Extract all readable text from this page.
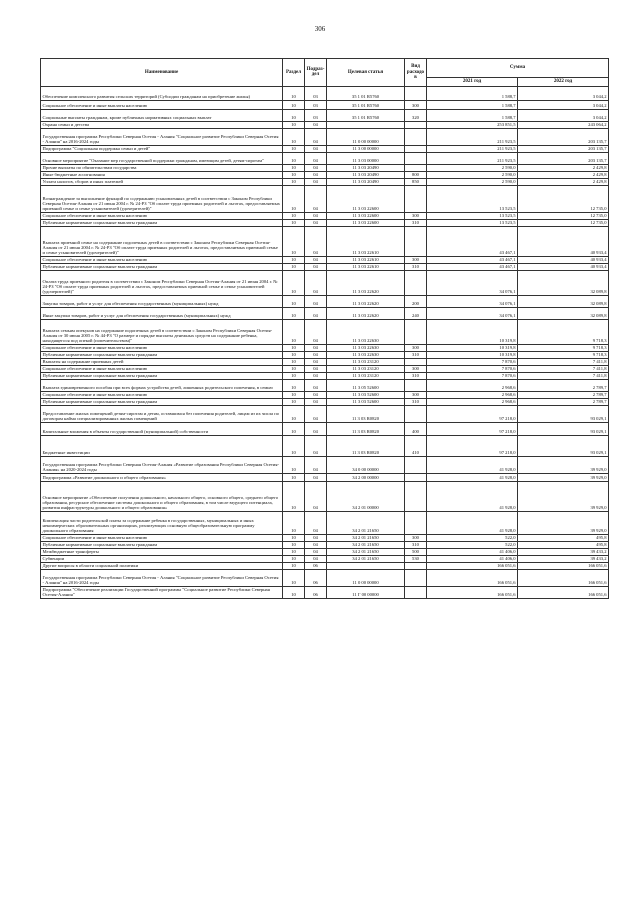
306
Наименование	Раздел	Подраз-дел	Целевая статья	Вид расходов	Сумма	
					2021 год	2022 год
Обеспечение комплексного развития сельских территорий (Субсидии гражданам на приобретение жилья)	10	03	35 1 01 R5760		1 588,7	3 044,2
Социальное обеспечение и иные выплаты населению	10	03	35 1 01 R5760	300	1 588,7	3 044,2
Социальные выплаты гражданам, кроме публичных нормативных социальных выплат	10	03	35 1 01 R5760	320	1 588,7	3 044,2
Охрана семьи и детства	10	04			253 851,5	243 064,2
Государственная программа Республики Северная Осетия - Алания "Социальное развитие Республики Северная Осетия - Алания" на 2016-2024 годы	10	04	11 0 00 00000		211 923,5	203 135,7
Подпрограмма "Социальная поддержка семьи и детей"	10	04	11 3 00 00000		211 923,5	203 135,7
Основное мероприятие "Оказание мер государственной поддержки гражданам, имеющим детей, детям-сиротам"	10	04	11 3 03 00000		211 923,5	203 135,7
Прочие выплаты по обязательствам государства	10	04	11 3 03 20490		2 590,0	2 429,8
Иные бюджетные ассигнования	10	04	11 3 03 20490	800	2 590,0	2 429,8
Уплата налогов, сборов и иных платежей	10	04	11 3 03 20490	850	2 590,0	2 429,8
Вознаграждение за выполнение функций по содержанию усыновленных детей в соответствии с Законом Республики Северная Осетия-Алания от 21 июня 2004 г. № 24-РЗ "Об оплате труда приемных родителей и льготах, предоставляемых приемной семье и семье усыновителей (удочерителей)"	10	04	11 3 03 22600		13 523,5	12 735,0
Социальное обеспечение и иные выплаты населению	10	04	11 3 03 22600	300	13 523,5	12 735,0
Публичные нормативные социальные выплаты гражданам	10	04	11 3 03 22600	310	13 523,5	12 735,0
Выплата приемной семье на содержание подопечных детей в соответствии с Законом Республики Северная Осетия-Алания от 21 июня 2004 г. № 24-РЗ "Об оплате труда приемных родителей и льготах, предоставляемых приемной семье и семье усыновителей (удочерителей)"	10	04	11 3 03 22610		43 467,1	40 933,4
Социальное обеспечение и иные выплаты населению	10	04	11 3 03 22610	300	43 467,1	40 933,4
Публичные нормативные социальные выплаты гражданам	10	04	11 3 03 22610	310	43 467,1	40 933,4
Оплата труда приемного родителя в соответствии с Законом Республики Северная Осетия-Алания от 21 июня 2004 г. № 24-РЗ "Об оплате труда приемных родителей и льготах, предоставляемых приемной семье и семье усыновителей (удочерителей)"	10	04	11 3 03 22620		34 076,1	32 089,8
Закупка товаров, работ и услуг для обеспечения государственных (муниципальных) нужд	10	04	11 3 03 22620	200	34 076,1	32 089,8
Иные закупки товаров, работ и услуг для обеспечения государственных (муниципальных) нужд	10	04	11 3 03 22620	240	34 076,1	32 089,8
Выплата семьям опекунов на содержание подопечных детей в соответствии с Законом Республики Северная Осетия-Алания от 30 июня 2005 г. № 44-РЗ "О размере и порядке выплаты денежных средств на содержание ребенка, находящегося под опекой (попечительством)"	10	04	11 3 03 22630		10 319,8	9 718,3
Социальное обеспечение и иные выплаты населению	10	04	11 3 03 22630	300	10 319,8	9 718,3
Публичные нормативные социальные выплаты гражданам	10	04	11 3 03 22630	310	10 319,8	9 718,3
Выплаты на содержание приемных детей	10	04	11 3 03 23120		7 870,6	7 411,8
Социальное обеспечение и иные выплаты населению	10	04	11 3 03 23120	300	7 870,6	7 411,8
Публичные нормативные социальные выплаты гражданам	10	04	11 3 03 23120	310	7 870,6	7 411,8
Выплата единовременного пособия при всех формах устройства детей, лишенных родительского попечения, в семью	10	04	11 3 05 52600		2 968,6	2 789,7
Социальное обеспечение и иные выплаты населению	10	04	11 3 03 52600	300	2 968,6	2 789,7
Публичные нормативные социальные выплаты гражданам	10	04	11 3 03 52600	310	2 968,6	2 789,7
Предоставление жилых помещений детям-сиротам и детям, оставшимся без попечения родителей, лицам из их числа по договорам найма специализированных жилых помещений	10	04	11 3 03 R0820		97 218,0	93 029,1
Капитальные вложения в объекты государственной (муниципальной) собственности	10	04	11 3 03 R0820	400	97 218,0	93 029,1
Бюджетные инвестиции	10	04	11 3 03 R0820	410	97 218,0	93 029,1
Государственная программа Республики Северная Осетия-Алания «Развитие образования Республики Северная Осетия-Алания» на 2020-2024 годы	10	04	34 0 00 00000		41 928,0	39 929,0
Подпрограмма «Развитие дошкольного и общего образования»	10	04	34 2 00 00000		41 928,0	39 929,0
Основное мероприятие «Обеспечение получения дошкольного, начального общего, основного общего, среднего общего образования, ресурсное обеспечение системы дошкольного и общего образования, в том числе ведущего потенциала, развития инфраструктуры дошкольного и общего образования»	10	04	34 2 01 00000		41 928,0	39 929,0
Компенсация части родительской платы за содержание ребенка в государственных, муниципальных и иных некоммерческих образовательных организациях, реализующих основную общеобразовательную программу дошкольного образования	10	04	34 2 01 21650		41 928,0	39 929,0
Социальное обеспечение и иные выплаты населению	10	04	34 2 01 21650	300	522,0	495,8
Публичные нормативные социальные выплаты гражданам	10	04	34 2 01 21650	310	522,0	495,8
Межбюджетные трансферты	10	04	34 2 01 21650	500	41 406,0	39 433,2
Субвенции	10	04	34 2 01 21650	530	41 406,0	39 433,2
Другие вопросы в области социальной политики	10	06			166 051,6	166 051,6
Государственная программа Республики Северная Осетия - Алания "Социальное развитие Республики Северная Осетия - Алания" на 2016-2024 годы	10	06	11 0 00 00000		166 051,6	166 051,6
Подпрограмма "Обеспечение реализации Государственной программы "Социальное развитие Республики Северная Осетия-Алания"	10	06	11 Г 00 00000		166 051,6	166 051,6
